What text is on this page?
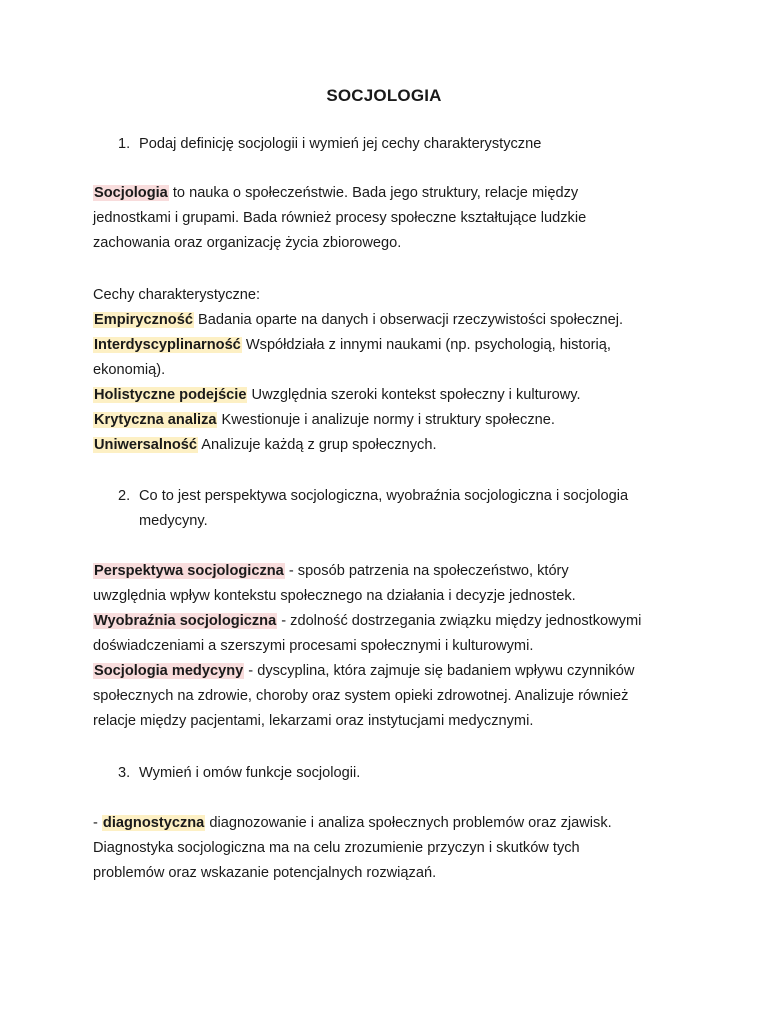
SOCJOLOGIA
1. Podaj definicję socjologii i wymień jej cechy charakterystyczne
Socjologia to nauka o społeczeństwie. Bada jego struktury, relacje między
jednostkami i grupami. Bada również procesy społeczne kształtujące ludzkie
zachowania oraz organizację życia zbiorowego.
Cechy charakterystyczne:
Empiryczność Badania oparte na danych i obserwacji rzeczywistości społecznej.
Interdyscyplinarność Współdziała z innymi naukami (np. psychologią, historią,
ekonomią).
Holistyczne podejście Uwzględnia szeroki kontekst społeczny i kulturowy.
Krytyczna analiza Kwestionuje i analizuje normy i struktury społeczne.
Uniwersalność Analizuje każdą z grup społecznych.
2. Co to jest perspektywa socjologiczna, wyobraźnia socjologiczna i socjologia
medycyny.
Perspektywa socjologiczna - sposób patrzenia na społeczeństwo, który
uwzględnia wpływ kontekstu społecznego na działania i decyzje jednostek.
Wyobraźnia socjologiczna - zdolność dostrzegania związku między jednostkowymi
doświadczeniami a szerszymi procesami społecznymi i kulturowymi.
Socjologia medycyny - dyscyplina, która zajmuje się badaniem wpływu czynników
społecznych na zdrowie, choroby oraz system opieki zdrowotnej. Analizuje również
relacje między pacjentami, lekarzami oraz instytucjami medycznymi.
3. Wymień i omów funkcje socjologii.
- diagnostyczna diagnozowanie i analiza społecznych problemów oraz zjawisk.
Diagnostyka socjologiczna ma na celu zrozumienie przyczyn i skutków tych
problemów oraz wskazanie potencjalnych rozwiązań.
